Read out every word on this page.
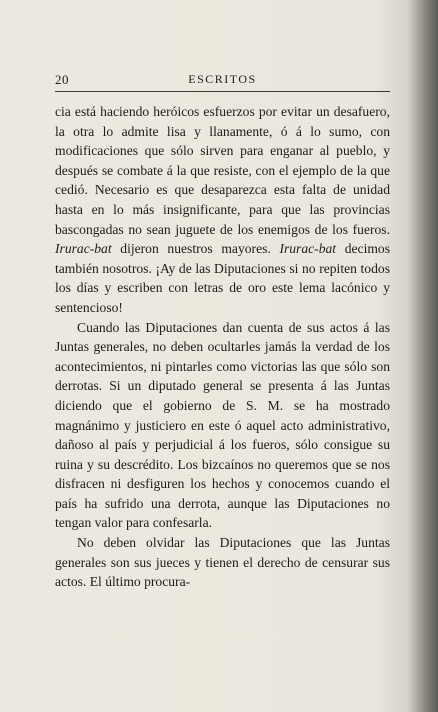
20	ESCRITOS

cia está haciendo heróicos esfuerzos por evitar un desafuero, la otra lo admite lisa y llanamente, ó á lo sumo, con modificaciones que sólo sirven para enganar al pueblo, y después se combate á la que resiste, con el ejemplo de la que cedió. Necesario es que desaparezca esta falta de unidad hasta en lo más insignificante, para que las provincias bascongadas no sean juguete de los enemigos de los fueros. Irurac-bat dijeron nuestros mayores. Irurac-bat decimos también nosotros. ¡Ay de las Diputaciones si no repiten todos los días y escriben con letras de oro este lema lacónico y sentencioso!

Cuando las Diputaciones dan cuenta de sus actos á las Juntas generales, no deben ocultarles jamás la verdad de los acontecimientos, ni pintarles como victorias las que sólo son derrotas. Si un diputado general se presenta á las Juntas diciendo que el gobierno de S. M. se ha mostrado magnánimo y justiciero en este ó aquel acto administrativo, dañoso al país y perjudicial á los fueros, sólo consigue su ruina y su descrédito. Los bizcaínos no queremos que se nos disfracen ni desfiguren los hechos y conocemos cuando el país ha sufrido una derrota, aunque las Diputaciones no tengan valor para confesarla.

No deben olvidar las Diputaciones que las Juntas generales son sus jueces y tienen el derecho de censurar sus actos. El último procura-
